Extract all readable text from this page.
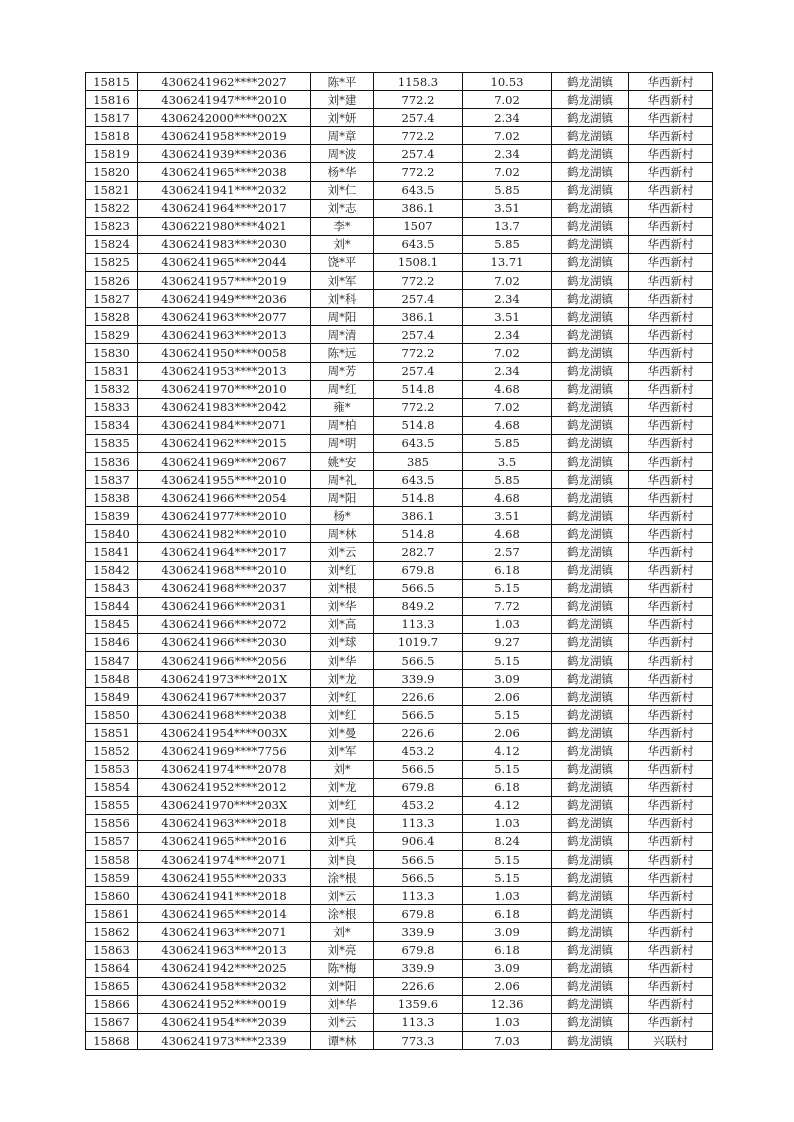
15815	4306241962****2027	陈*平	1158.3	10.53	鹤龙湖镇	华西新村
15816	4306241947****2010	刘*建	772.2	7.02	鹤龙湖镇	华西新村
15817	4306242000****002X	刘*妍	257.4	2.34	鹤龙湖镇	华西新村
15818	4306241958****2019	周*章	772.2	7.02	鹤龙湖镇	华西新村
15819	4306241939****2036	周*波	257.4	2.34	鹤龙湖镇	华西新村
15820	4306241965****2038	杨*华	772.2	7.02	鹤龙湖镇	华西新村
15821	4306241941****2032	刘*仁	643.5	5.85	鹤龙湖镇	华西新村
15822	4306241964****2017	刘*志	386.1	3.51	鹤龙湖镇	华西新村
15823	4306221980****4021	李*	1507	13.7	鹤龙湖镇	华西新村
15824	4306241983****2030	刘*	643.5	5.85	鹤龙湖镇	华西新村
15825	4306241965****2044	饶*平	1508.1	13.71	鹤龙湖镇	华西新村
15826	4306241957****2019	刘*军	772.2	7.02	鹤龙湖镇	华西新村
15827	4306241949****2036	刘*科	257.4	2.34	鹤龙湖镇	华西新村
15828	4306241963****2077	周*阳	386.1	3.51	鹤龙湖镇	华西新村
15829	4306241963****2013	周*清	257.4	2.34	鹤龙湖镇	华西新村
15830	4306241950****0058	陈*远	772.2	7.02	鹤龙湖镇	华西新村
15831	4306241953****2013	周*芳	257.4	2.34	鹤龙湖镇	华西新村
15832	4306241970****2010	周*红	514.8	4.68	鹤龙湖镇	华西新村
15833	4306241983****2042	雍*	772.2	7.02	鹤龙湖镇	华西新村
15834	4306241984****2071	周*柏	514.8	4.68	鹤龙湖镇	华西新村
15835	4306241962****2015	周*明	643.5	5.85	鹤龙湖镇	华西新村
15836	4306241969****2067	姚*安	385	3.5	鹤龙湖镇	华西新村
15837	4306241955****2010	周*礼	643.5	5.85	鹤龙湖镇	华西新村
15838	4306241966****2054	周*阳	514.8	4.68	鹤龙湖镇	华西新村
15839	4306241977****2010	杨*	386.1	3.51	鹤龙湖镇	华西新村
15840	4306241982****2010	周*林	514.8	4.68	鹤龙湖镇	华西新村
15841	4306241964****2017	刘*云	282.7	2.57	鹤龙湖镇	华西新村
15842	4306241968****2010	刘*红	679.8	6.18	鹤龙湖镇	华西新村
15843	4306241968****2037	刘*根	566.5	5.15	鹤龙湖镇	华西新村
15844	4306241966****2031	刘*华	849.2	7.72	鹤龙湖镇	华西新村
15845	4306241966****2072	刘*高	113.3	1.03	鹤龙湖镇	华西新村
15846	4306241966****2030	刘*球	1019.7	9.27	鹤龙湖镇	华西新村
15847	4306241966****2056	刘*华	566.5	5.15	鹤龙湖镇	华西新村
15848	4306241973****201X	刘*龙	339.9	3.09	鹤龙湖镇	华西新村
15849	4306241967****2037	刘*红	226.6	2.06	鹤龙湖镇	华西新村
15850	4306241968****2038	刘*红	566.5	5.15	鹤龙湖镇	华西新村
15851	4306241954****003X	刘*曼	226.6	2.06	鹤龙湖镇	华西新村
15852	4306241969****7756	刘*军	453.2	4.12	鹤龙湖镇	华西新村
15853	4306241974****2078	刘*	566.5	5.15	鹤龙湖镇	华西新村
15854	4306241952****2012	刘*龙	679.8	6.18	鹤龙湖镇	华西新村
15855	4306241970****203X	刘*红	453.2	4.12	鹤龙湖镇	华西新村
15856	4306241963****2018	刘*良	113.3	1.03	鹤龙湖镇	华西新村
15857	4306241965****2016	刘*兵	906.4	8.24	鹤龙湖镇	华西新村
15858	4306241974****2071	刘*良	566.5	5.15	鹤龙湖镇	华西新村
15859	4306241955****2033	涂*根	566.5	5.15	鹤龙湖镇	华西新村
15860	4306241941****2018	刘*云	113.3	1.03	鹤龙湖镇	华西新村
15861	4306241965****2014	涂*根	679.8	6.18	鹤龙湖镇	华西新村
15862	4306241963****2071	刘*	339.9	3.09	鹤龙湖镇	华西新村
15863	4306241963****2013	刘*亮	679.8	6.18	鹤龙湖镇	华西新村
15864	4306241942****2025	陈*梅	339.9	3.09	鹤龙湖镇	华西新村
15865	4306241958****2032	刘*阳	226.6	2.06	鹤龙湖镇	华西新村
15866	4306241952****0019	刘*华	1359.6	12.36	鹤龙湖镇	华西新村
15867	4306241954****2039	刘*云	113.3	1.03	鹤龙湖镇	华西新村
15868	4306241973****2339	谭*林	773.3	7.03	鹤龙湖镇	兴联村
